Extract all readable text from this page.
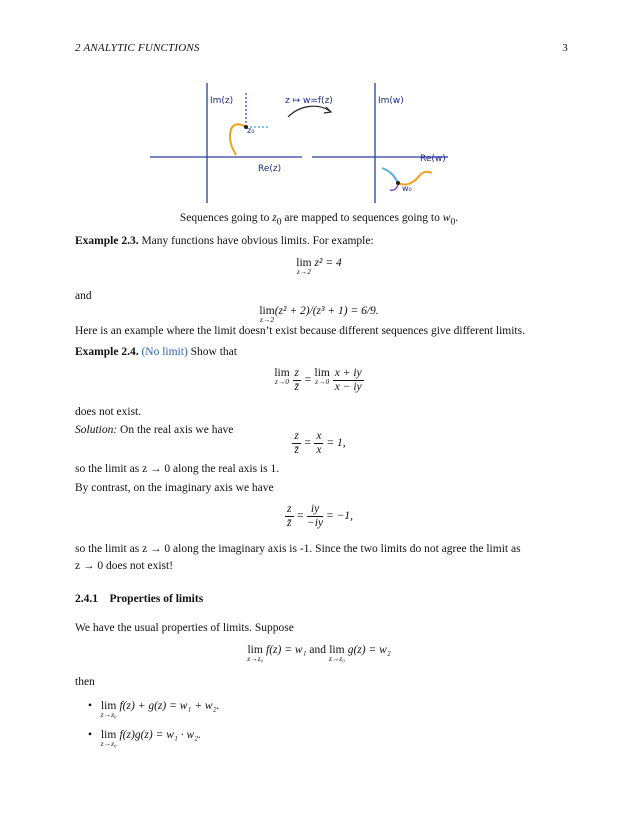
2 ANALYTIC FUNCTIONS	3
Im(z)
z₀
z ↦ w=f(z)	Im(w)
Re(z)
Re(w)
w₀
Sequences going to $z_0$ are mapped to sequences going to $w_0$.
Example 2.3. Many functions have obvious limits. For example:
lim
z→2
z² = 4
and
lim
z→2
(z² + 2)/(z³ + 1) = 6/9.
Here is an example where the limit doesn’t exist because different sequences give different limits.
Example 2.4. (No limit) Show that
lim
z→0
$\frac{z}{z̄} = \lim$
z→0
$\frac{x + iy}{x - iy}$
does not exist.
Solution: On the real axis we have	$\frac{z}{z̄} = \frac{x}{x} = 1$,
so the limit as z → 0 along the real axis is 1.
By contrast, on the imaginary axis we have
$\frac{z}{z̄} = \frac{iy}{-iy} = -1$,
so the limit as z → 0 along the imaginary axis is -1. Since the two limits do not agree the limit as
z → 0 does not exist!
2.4.1 Properties of limits
We have the usual properties of limits. Suppose
lim
z→z₀
f(z) = w₁ and lim
z→z₀
g(z) = w₂
then
• lim
z→z₀
f(z) + g(z) = w₁ + w₂.
• lim
z→z₀
f(z)g(z) = w₁ · w₂.
